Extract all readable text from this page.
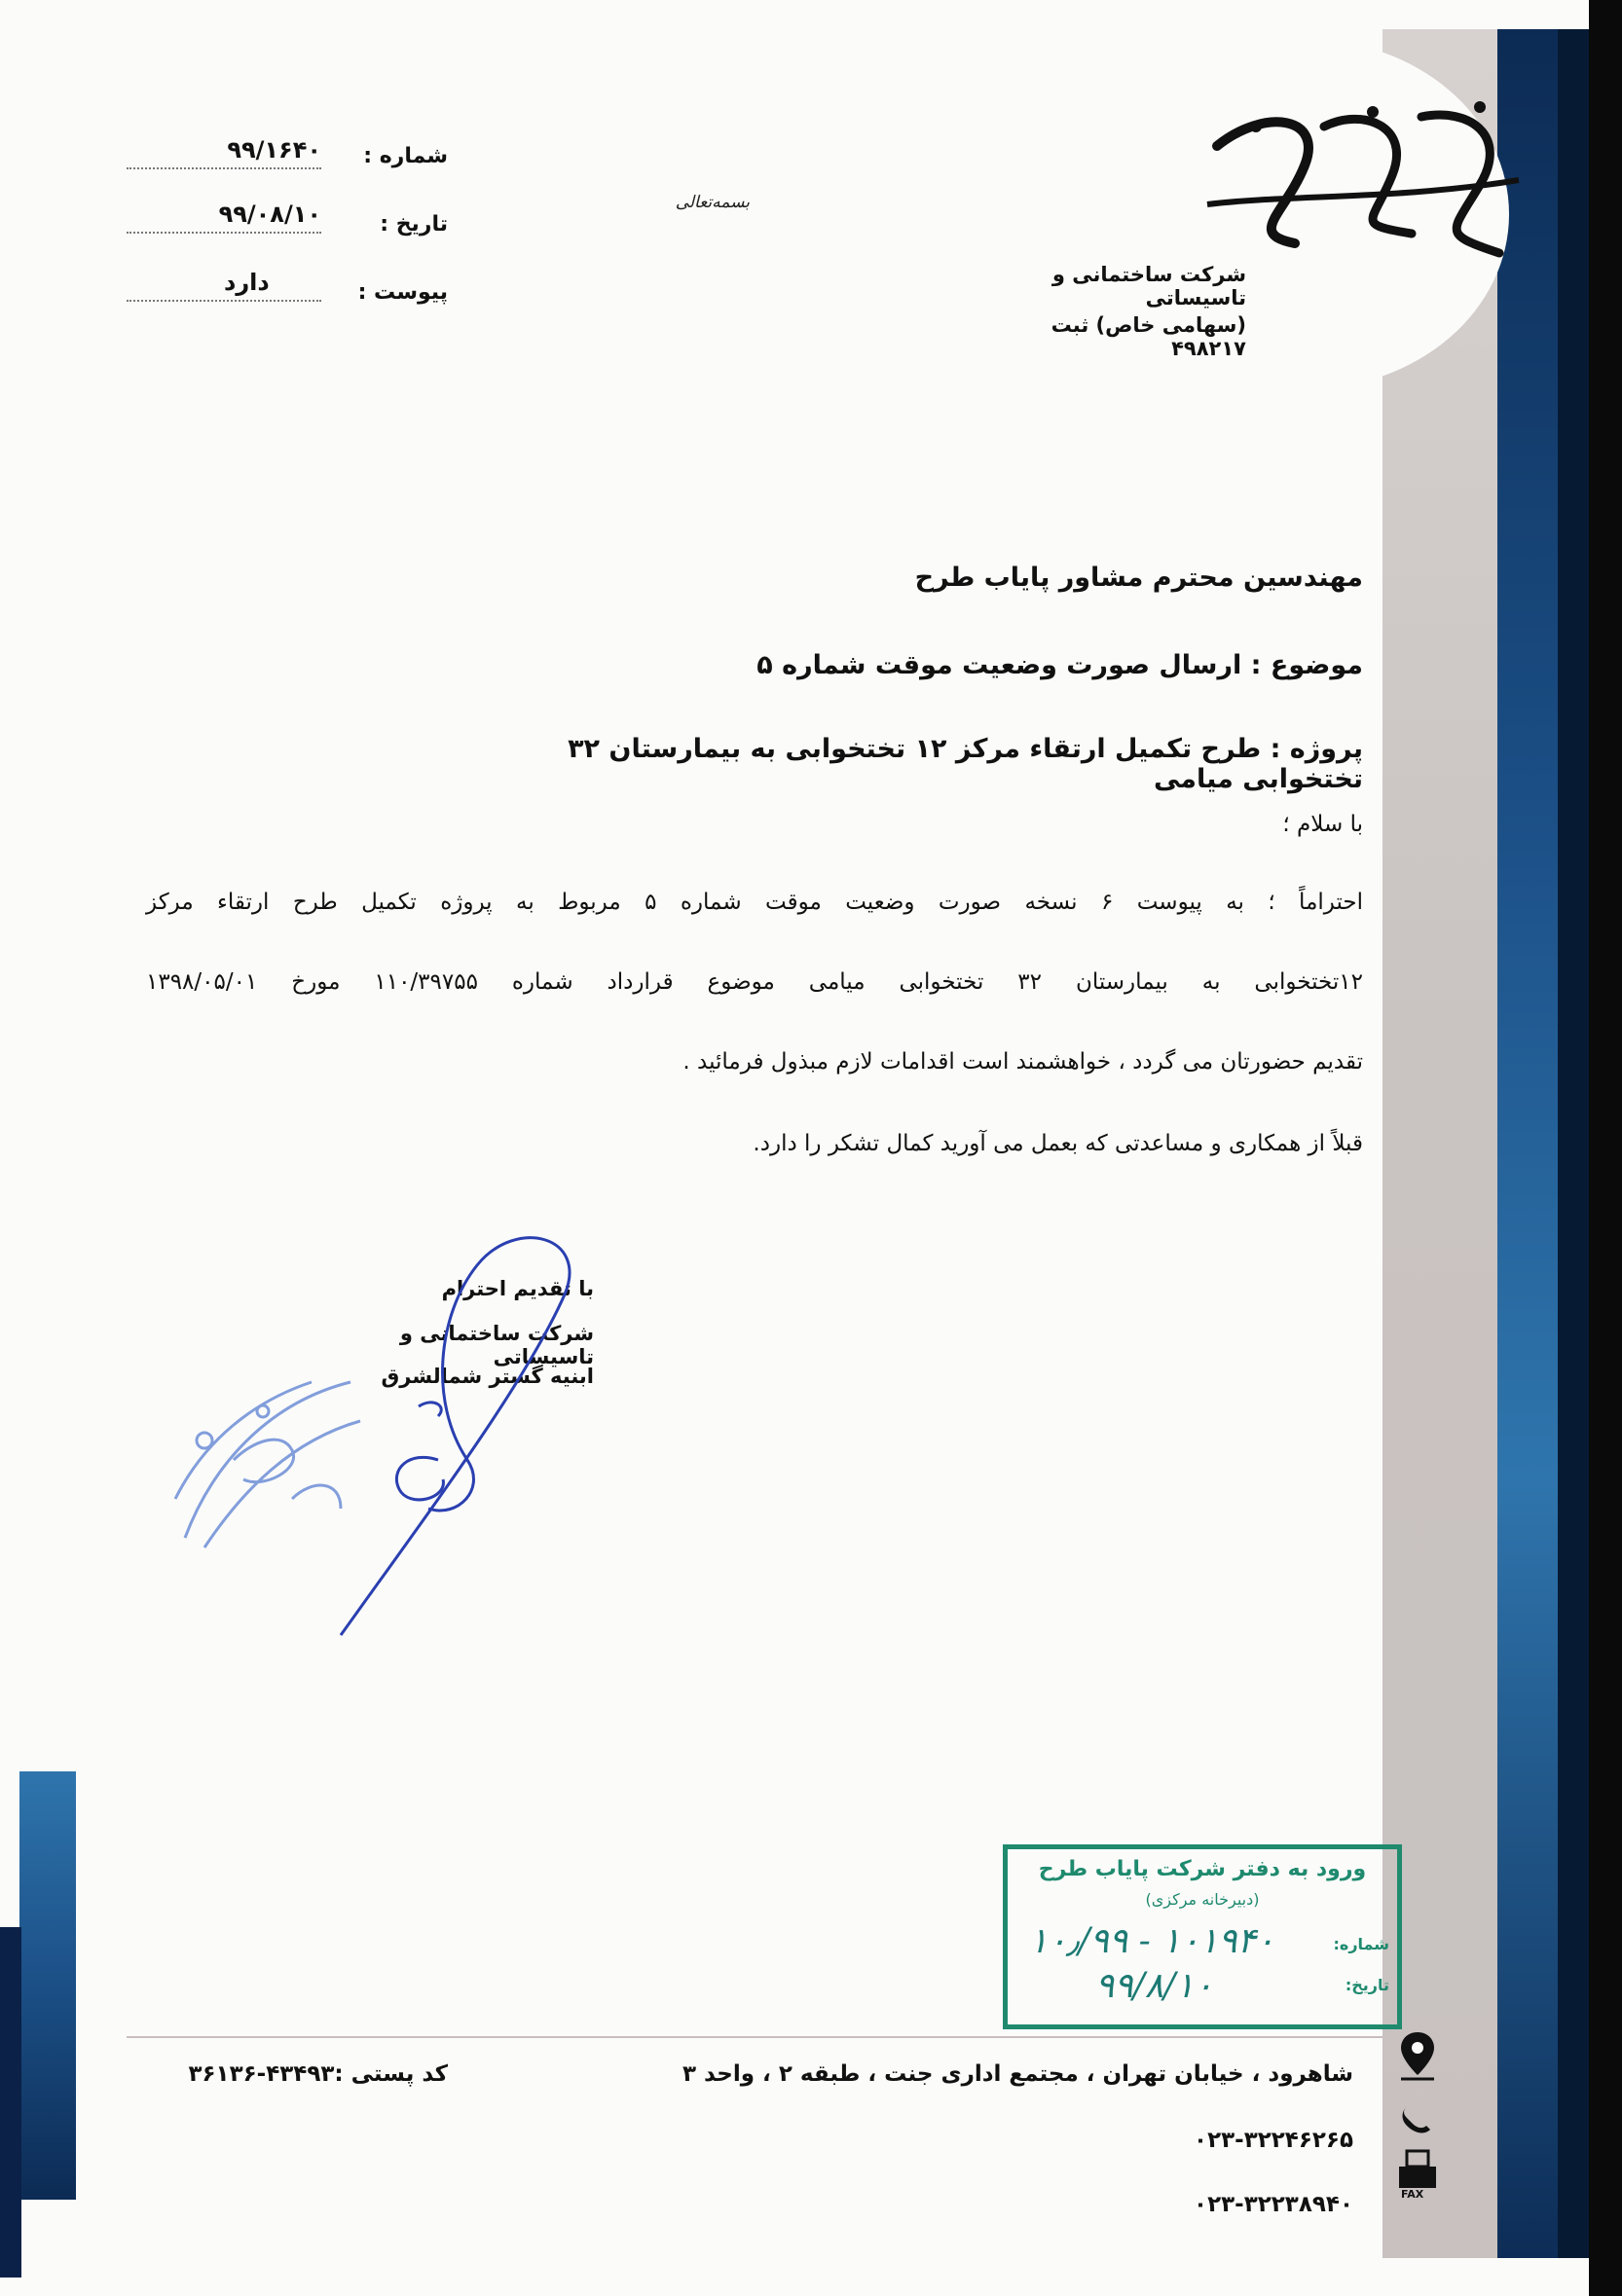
شرکت ساختمانی و تاسیساتی
(سهامی خاص) ثبت ۴۹۸۲۱۷
بسمه‌تعالی
شماره :
۹۹/۱۶۴۰
تاریخ :
۹۹/۰۸/۱۰
پیوست :
دارد
مهندسین محترم مشاور پایاب طرح
موضوع : ارسال صورت وضعیت موقت شماره ۵
پروژه : طرح تکمیل ارتقاء مرکز ۱۲ تختخوابی به بیمارستان ۳۲ تختخوابی میامی
با سلام ؛
احتراماً ؛ به پیوست ۶ نسخه صورت وضعیت موقت شماره ۵ مربوط به پروژه تکمیل طرح ارتقاء مرکز
۱۲تختخوابی به بیمارستان ۳۲ تختخوابی میامی موضوع قرارداد شماره ۱۱۰/۳۹۷۵۵ مورخ ۱۳۹۸/۰۵/۰۱
تقدیم حضورتان می گردد ، خواهشمند است اقدامات لازم مبذول فرمائید .
قبلاً از همکاری و مساعدتی که بعمل می آورید کمال تشکر را دارد.
با تقدیم احترام
شرکت ساختمانی و تاسیساتی
ابنیه گستر شمالشرق
ورود به دفتر شرکت پایاب طرح
(دبیرخانه مرکزی)
شماره:
تاریخ:
۱۰٫/۹۹ - ۱۰۱۹۴۰
۹۹/۸/۱۰
FAX
شاهرود ، خیابان تهران ، مجتمع اداری جنت ، طبقه ۲ ، واحد ۳
کد پستی :۴۳۴۹۳-۳۶۱۳۶
۰۲۳-۳۲۲۴۶۲۶۵
۰۲۳-۳۲۲۳۸۹۴۰
